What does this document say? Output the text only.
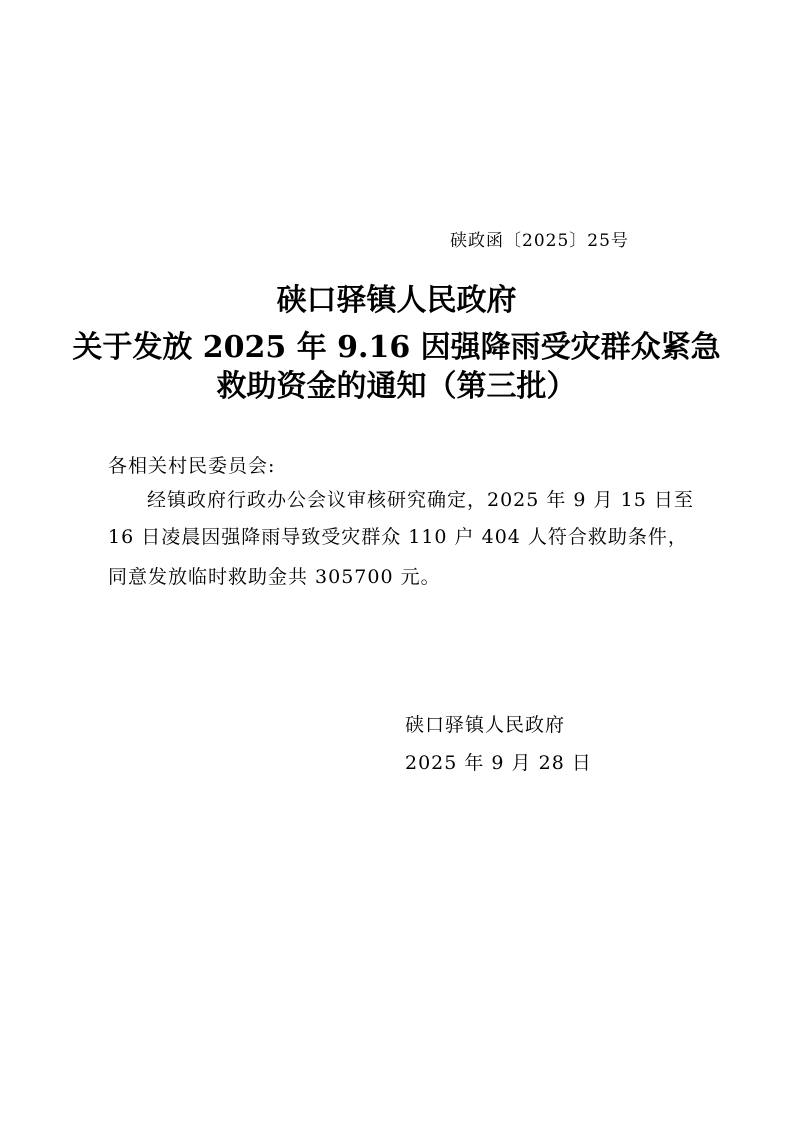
硖政函〔2025〕25号
硖口驿镇人民政府
关于发放 2025 年 9.16 因强降雨受灾群众紧急
救助资金的通知（第三批）
各相关村民委员会:
经镇政府行政办公会议审核研究确定，2025 年 9 月 15 日至
16 日凌晨因强降雨导致受灾群众 110 户 404 人符合救助条件，
同意发放临时救助金共 305700 元。
硖口驿镇人民政府
2025 年 9 月 28 日
